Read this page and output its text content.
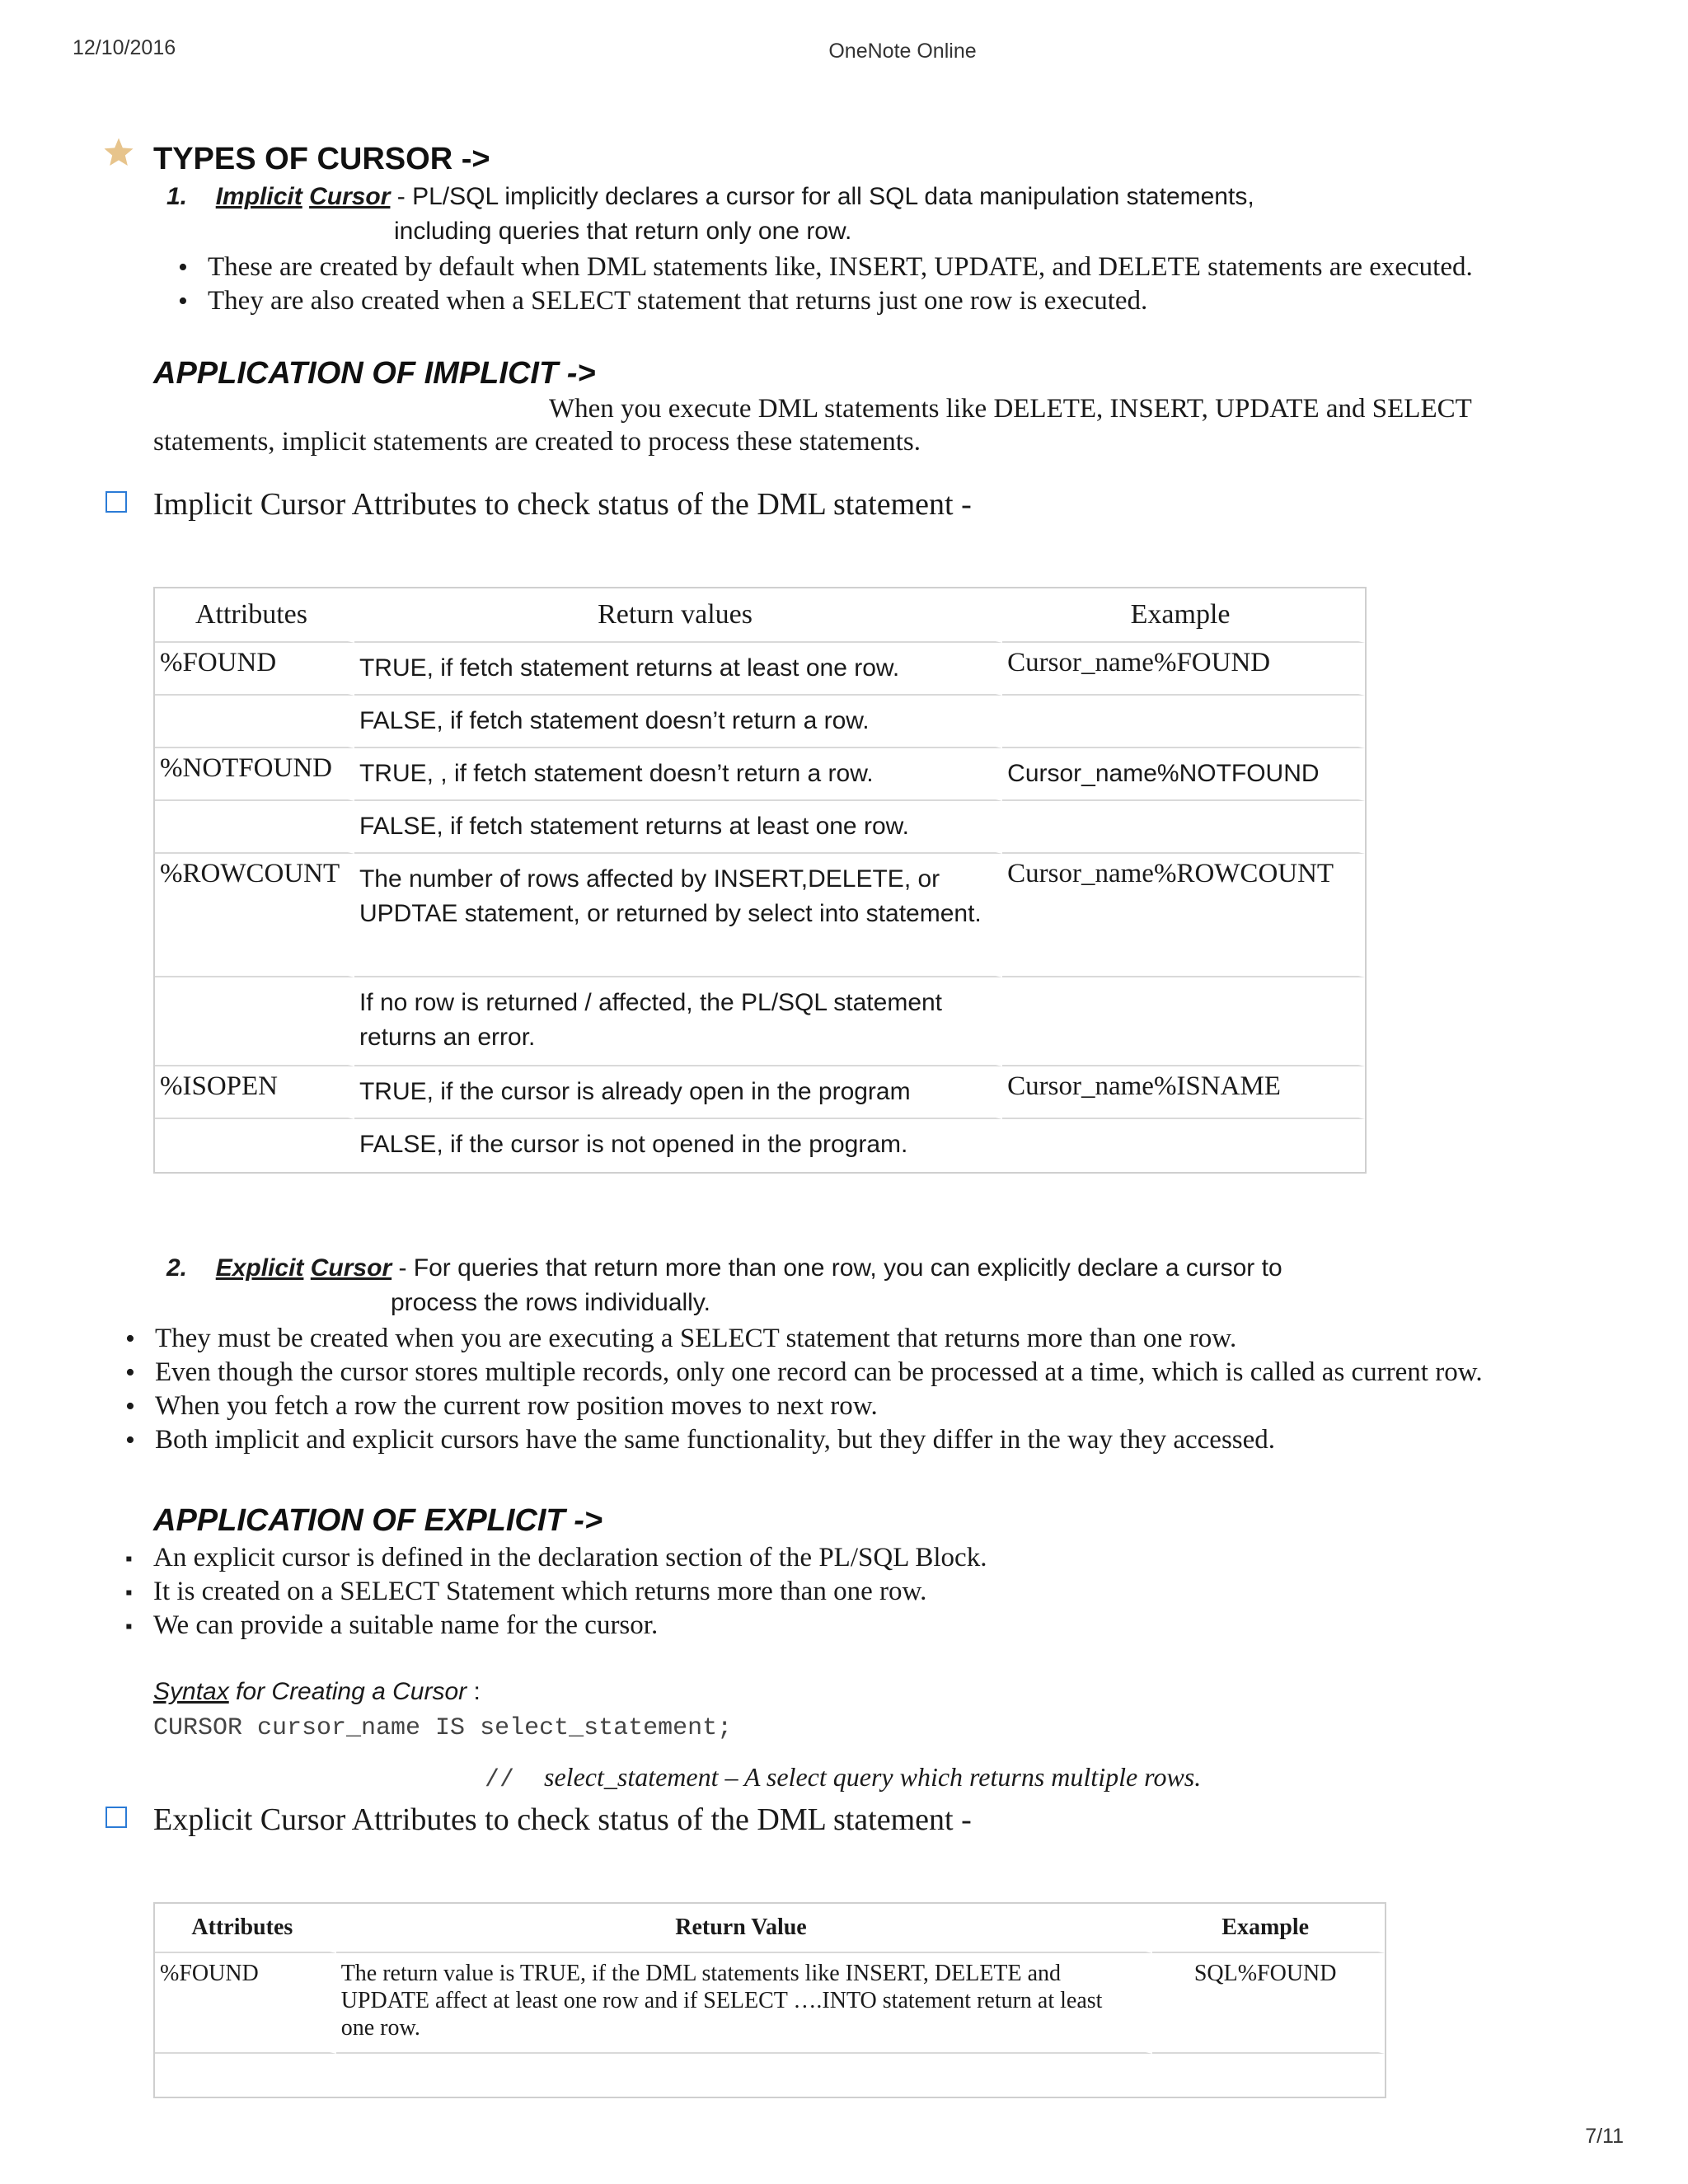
12/10/2016	OneNote Online
TYPES OF CURSOR ->
1. Implicit Cursor - PL/SQL implicitly declares a cursor for all SQL data manipulation statements,
including queries that return only one row.
• These are created by default when DML statements like, INSERT, UPDATE, and DELETE statements are executed.
• They are also created when a SELECT statement that returns just one row is executed.
APPLICATION OF IMPLICIT ->
When you execute DML statements like DELETE, INSERT, UPDATE and SELECT
statements, implicit statements are created to process these statements.
Implicit Cursor Attributes to check status of the DML statement -
Attributes	Return values	Example
%FOUND	TRUE, if fetch statement returns at least one row.	Cursor_name%FOUND
	FALSE, if fetch statement doesn’t return a row.	
%NOTFOUND	TRUE, , if fetch statement doesn’t return a row.	Cursor_name%NOTFOUND
	FALSE, if fetch statement returns at least one row.	
%ROWCOUNT	The number of rows affected by INSERT,DELETE, or UPDTAE statement, or returned by select into statement.	Cursor_name%ROWCOUNT
	If no row is returned / affected, the PL/SQL statement returns an error.	
%ISOPEN	TRUE, if the cursor is already open in the program	Cursor_name%ISNAME
	FALSE, if the cursor is not opened in the program.	
2. Explicit Cursor - For queries that return more than one row, you can explicitly declare a cursor to
process the rows individually.
• They must be created when you are executing a SELECT statement that returns more than one row.
• Even though the cursor stores multiple records, only one record can be processed at a time, which is called as current row.
• When you fetch a row the current row position moves to next row.
• Both implicit and explicit cursors have the same functionality, but they differ in the way they accessed.
APPLICATION OF EXPLICIT ->
▪ An explicit cursor is defined in the declaration section of the PL/SQL Block.
▪ It is created on a SELECT Statement which returns more than one row.
▪ We can provide a suitable name for the cursor.
Syntax for Creating a Cursor :
CURSOR cursor_name IS select_statement;

//  select_statement – A select query which returns multiple rows.

Explicit Cursor Attributes to check status of the DML statement -
Attributes	Return Value	Example
%FOUND	The return value is TRUE, if the DML statements like INSERT, DELETE and UPDATE affect at least one row and if SELECT ….INTO statement return at least one row.	SQL%FOUND

7/11
